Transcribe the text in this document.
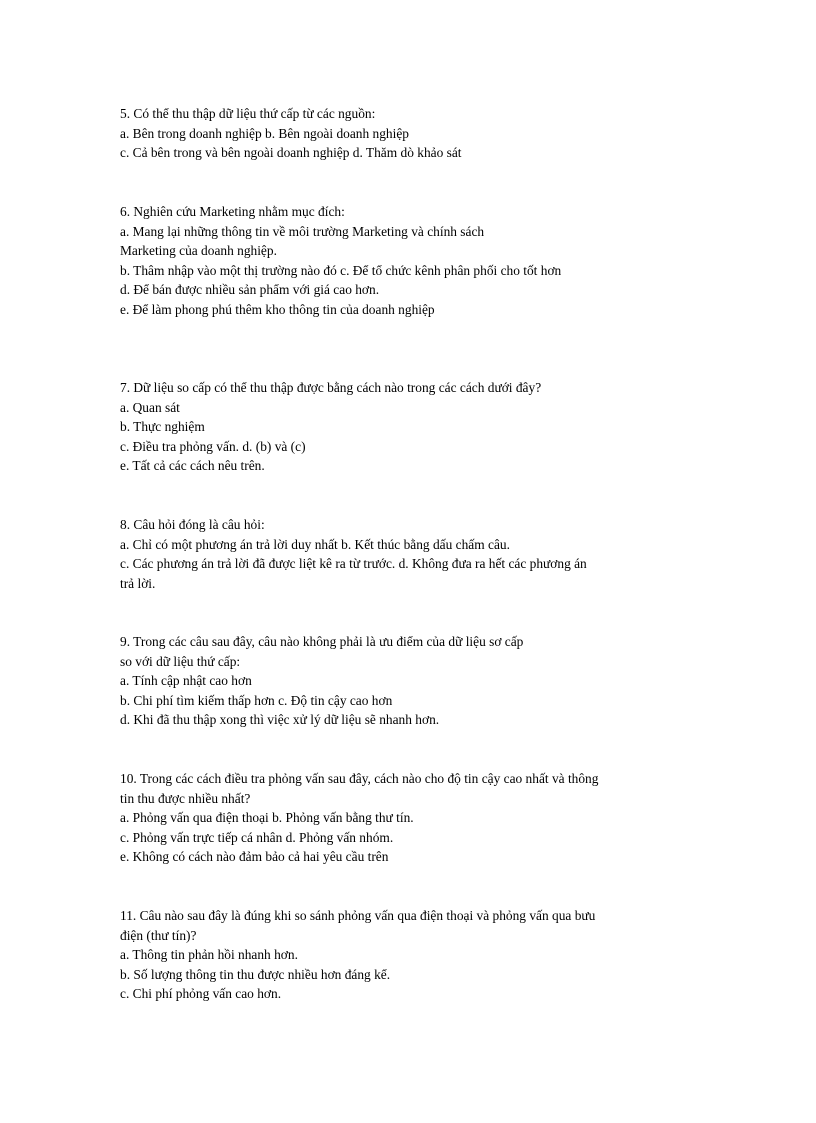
5. Có thể thu thập dữ liệu thứ cấp từ các nguồn:
a. Bên trong doanh nghiệp b. Bên ngoài doanh nghiệp
c. Cả bên trong và bên ngoài doanh nghiệp d. Thăm dò khảo sát
6. Nghiên cứu Marketing nhằm mục đích:
a. Mang lại những thông tin về môi trường Marketing và chính sách
Marketing của doanh nghiệp.
b. Thâm nhập vào một thị trường nào đó c. Để tổ chức kênh phân phối cho tốt hơn
d. Để bán được nhiều sản phẩm với giá cao hơn.
e. Để làm phong phú thêm kho thông tin của doanh nghiệp
7. Dữ liệu so cấp có thể thu thập được bằng cách nào trong các cách dưới đây?
a. Quan sát
b. Thực nghiệm
c. Điều tra phỏng vấn. d. (b) và (c)
e. Tất cả các cách nêu trên.
8. Câu hỏi đóng là câu hỏi:
a. Chỉ có một phương án trả lời duy nhất b. Kết thúc bằng dấu chấm câu.
c. Các phương án trả lời đã được liệt kê ra từ trước. d. Không đưa ra hết các phương án
trả lời.
9. Trong các câu sau đây, câu nào không phải là ưu điểm của dữ liệu sơ cấp
so với dữ liệu thứ cấp:
a. Tính cập nhật cao hơn
b. Chi phí tìm kiếm thấp hơn c. Độ tin cậy cao hơn
d. Khi đã thu thập xong thì việc xử lý dữ liệu sẽ nhanh hơn.
10. Trong các cách điều tra phỏng vấn sau đây, cách nào cho độ tin cậy cao nhất và thông
tin thu được nhiều nhất?
a. Phỏng vấn qua điện thoại b. Phỏng vấn bằng thư tín.
c. Phỏng vấn trực tiếp cá nhân d. Phỏng vấn nhóm.
e. Không có cách nào đảm bảo cả hai yêu cầu trên
11. Câu nào sau đây là đúng khi so sánh phỏng vấn qua điện thoại và phỏng vấn qua bưu
điện (thư tín)?
a. Thông tin phản hồi nhanh hơn.
b. Số lượng thông tin thu được nhiều hơn đáng kể.
c. Chi phí phỏng vấn cao hơn.
